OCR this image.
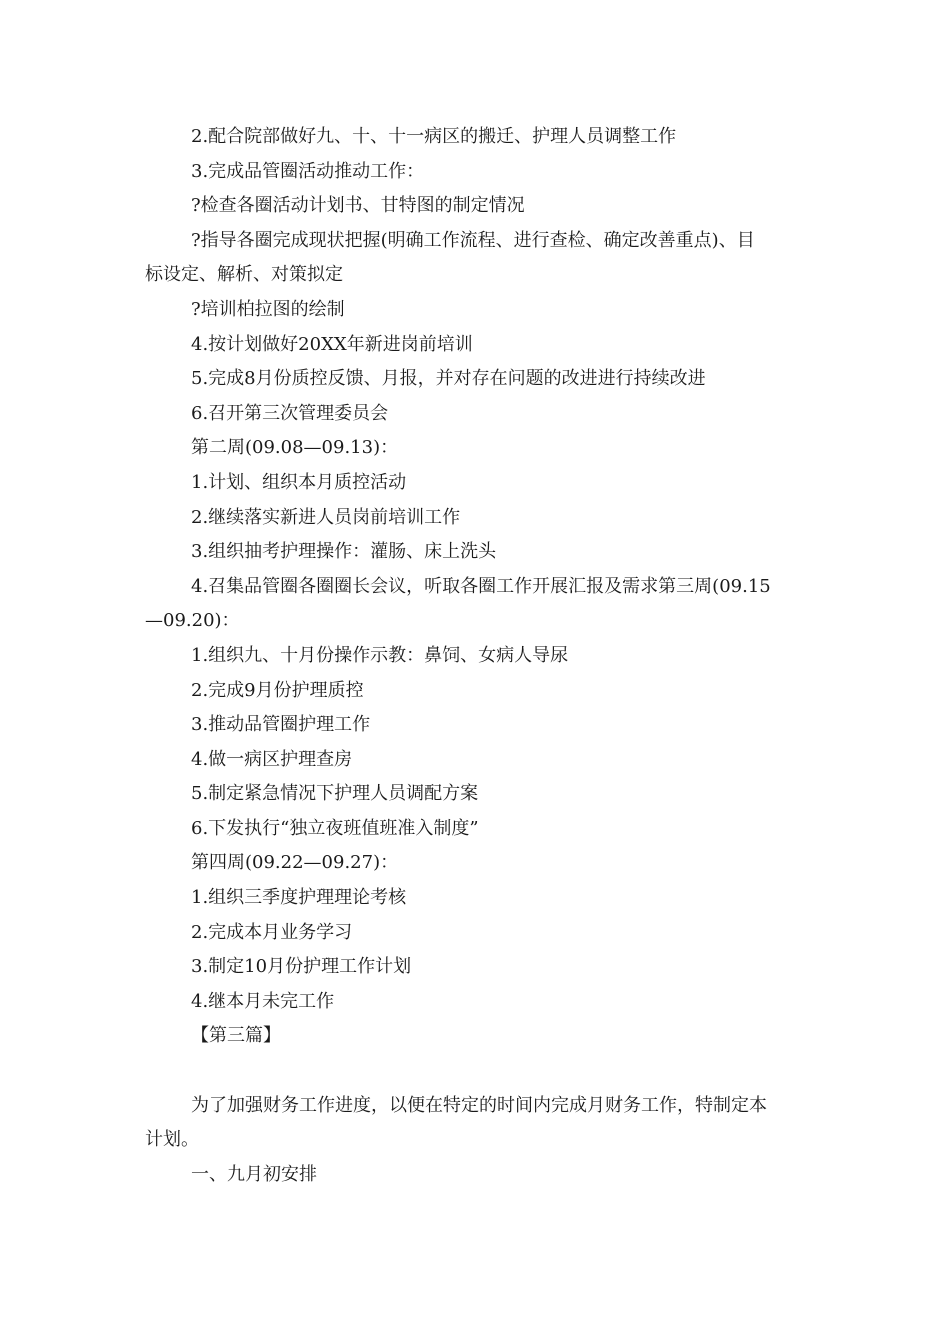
2.配合院部做好九、十、十一病区的搬迁、护理人员调整工作
3.完成品管圈活动推动工作：
?检查各圈活动计划书、甘特图的制定情况
?指导各圈完成现状把握(明确工作流程、进行查检、确定改善重点)、目
标设定、解析、对策拟定
?培训柏拉图的绘制
4.按计划做好20XX年新进岗前培训
5.完成8月份质控反馈、月报，并对存在问题的改进进行持续改进
6.召开第三次管理委员会
第二周(09.08—09.13)：
1.计划、组织本月质控活动
2.继续落实新进人员岗前培训工作
3.组织抽考护理操作：灌肠、床上洗头
4.召集品管圈各圈圈长会议，听取各圈工作开展汇报及需求第三周(09.15
—09.20)：
1.组织九、十月份操作示教：鼻饲、女病人导尿
2.完成9月份护理质控
3.推动品管圈护理工作
4.做一病区护理查房
5.制定紧急情况下护理人员调配方案
6.下发执行“独立夜班值班准入制度”
第四周(09.22—09.27)：
1.组织三季度护理理论考核
2.完成本月业务学习
3.制定10月份护理工作计划
4.继本月未完工作
【第三篇】
为了加强财务工作进度，以便在特定的时间内完成月财务工作，特制定本
计划。
一、九月初安排
